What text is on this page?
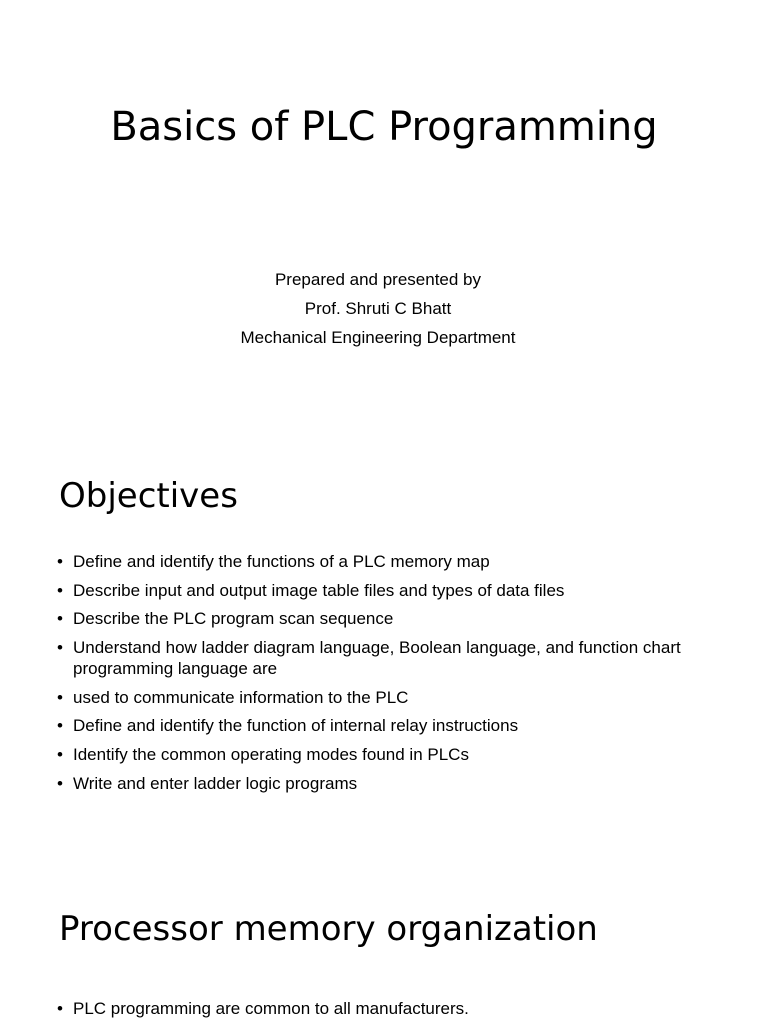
Basics of PLC Programming
Prepared and presented by
Prof. Shruti C Bhatt
Mechanical Engineering Department
Objectives
• Define and identify the functions of a PLC memory map
• Describe input and output image table files and types of data files
• Describe the PLC program scan sequence
• Understand how ladder diagram language, Boolean language, and function chart programming language are
• used to communicate information to the PLC
• Define and identify the function of internal relay instructions
• Identify the common operating modes found in PLCs
• Write and enter ladder logic programs
Processor memory organization
• PLC programming are common to all manufacturers.
